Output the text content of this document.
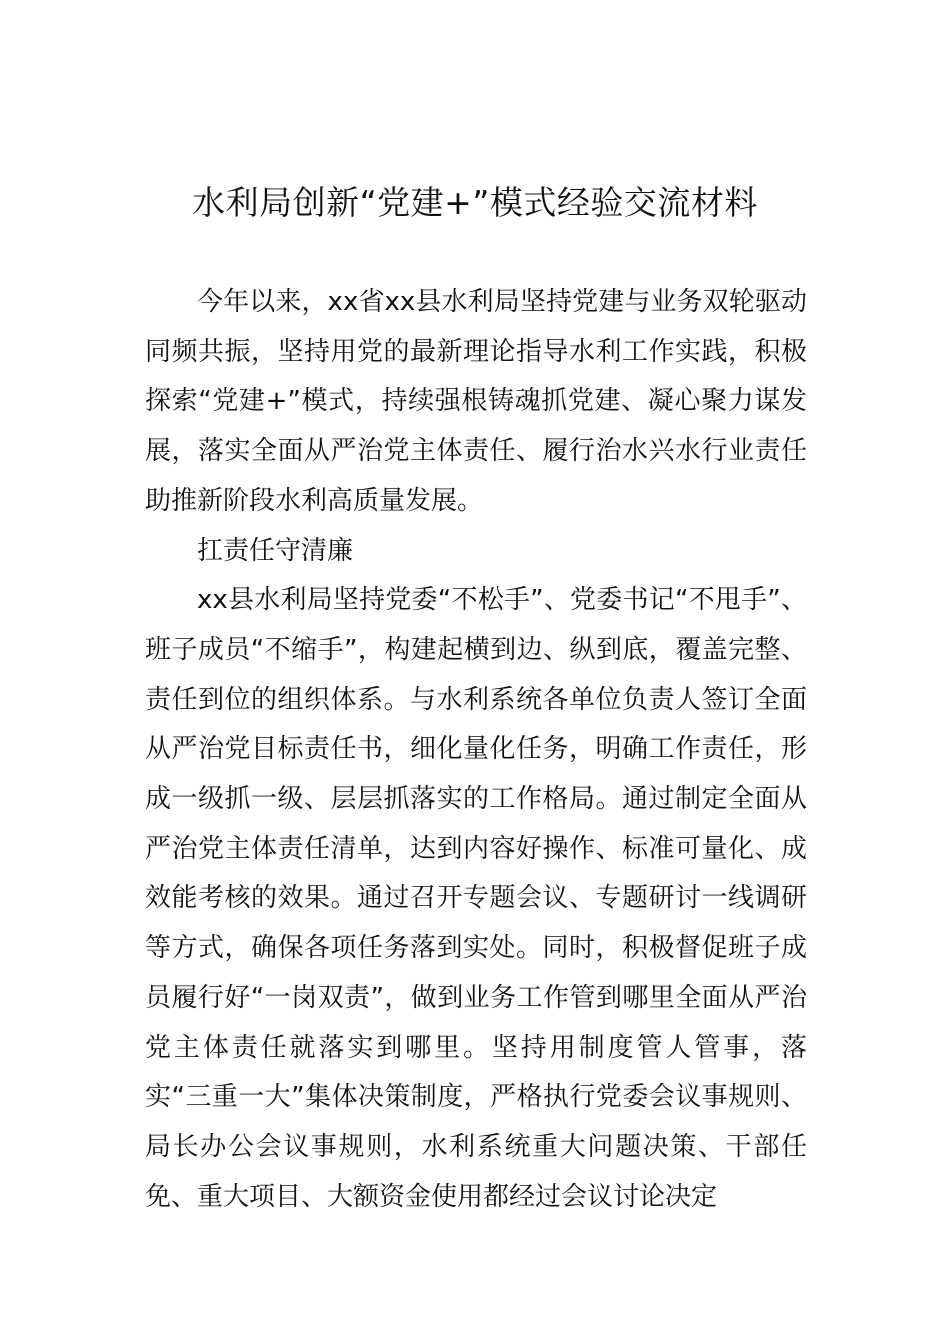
水利局创新“党建+”模式经验交流材料

今年以来，xx省xx县水利局坚持党建与业务双轮驱动同频共振，坚持用党的最新理论指导水利工作实践，积极探索“党建+”模式，持续强根铸魂抓党建、凝心聚力谋发展，落实全面从严治党主体责任、履行治水兴水行业责任助推新阶段水利高质量发展。

扛责任守清廉

xx县水利局坚持党委“不松手”、党委书记“不甩手”、班子成员“不缩手”，构建起横到边、纵到底，覆盖完整、责任到位的组织体系。与水利系统各单位负责人签订全面从严治党目标责任书，细化量化任务，明确工作责任，形成一级抓一级、层层抓落实的工作格局。通过制定全面从严治党主体责任清单，达到内容好操作、标准可量化、成效能考核的效果。通过召开专题会议、专题研讨一线调研等方式，确保各项任务落到实处。同时，积极督促班子成员履行好“一岗双责”，做到业务工作管到哪里全面从严治党主体责任就落实到哪里。坚持用制度管人管事，落实“三重一大”集体决策制度，严格执行党委会议事规则、局长办公会议事规则，水利系统重大问题决策、干部任免、重大项目、大额资金使用都经过会议讨论决定
